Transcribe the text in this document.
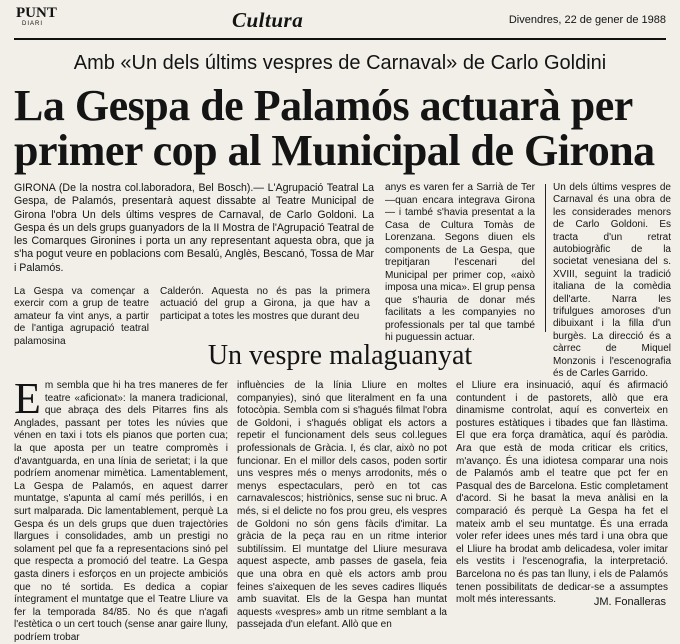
PUNT
DIARI	Cultura	Divendres, 22 de gener de 1988
Amb «Un dels últims vespres de Carnaval» de Carlo Goldini
La Gespa de Palamós actuarà per primer cop al Municipal de Girona
GIRONA (De la nostra col.laboradora, Bel Bosch).— L'Agrupació Teatral La Gespa, de Palamós, presentarà aquest dissabte al Teatre Municipal de Girona l'obra Un dels últims vespres de Carnaval, de Carlo Goldoni. La Gespa és un dels grups guanyadors de la II Mostra de l'Agrupació Teatral de les Comarques Gironines i porta un any representant aquesta obra, que ja s'ha pogut veure en poblacions com Besalú, Anglès, Bescanó, Tossa de Mar i Palamós.
La Gespa va començar a exercir com a grup de teatre amateur fa vint anys, a partir de l'antiga agrupació teatral palamosina
Calderón. Aquesta no és pas la primera actuació del grup a Girona, ja que hav a participat a totes les mostres que durant deu
anys es varen fer a Sarrià de Ter —quan encara integrava Girona— i també s'havia presentat a la Casa de Cultura Tomàs de Lorenzana. Segons diuen els components de La Gespa, que trepitjaran l'escenari del Municipal per primer cop, «això imposa una mica». El grup pensa que s'hauria de donar més facilitats a les companyies no professionals per tal que també hi puguessin actuar.
Un dels últims vespres de Carnaval és una obra de les considerades menors de Carlo Goldoni. Es tracta d'un retrat autobiogràfic de la societat venesiana del s. XVIII, seguint la tradició italiana de la comèdia dell'arte. Narra les trifulgues amoroses d'un dibuixant i la filla d'un burgès. La direcció és a càrrec de Miquel Monzonis i l'escenografia és de Carles Garrido.
Un vespre malaguanyat
Em sembla que hi ha tres maneres de fer teatre «aficionat»: la manera tradicional, que abraça des dels Pitarres fins als Anglades, passant per totes les núvies que vénen en taxi i tots els pianos que porten cua; la que aposta per un teatre compromès i d'avantguarda, en una línia de serietat; i la que podríem anomenar mimètica. Lamentablement, La Gespa de Palamós, en aquest darrer muntatge, s'apunta al camí més perillós, i en surt malparada. Dic lamentablement, perquè La Gespa és un dels grups que duen trajectòries llargues i consolidades, amb un prestigi no solament pel que fa a representacions sinó pel que respecta a promoció del teatre. La Gespa gasta diners i esforços en un projecte ambiciós que no té sortida. Es dedica a copiar íntegrament el muntatge que el Teatre Lliure va fer la temporada 84/85. No és que n'agafi l'estètica o un cert touch (sense anar gaire lluny, podríem trobar
influències de la línia Lliure en moltes companyies), sinó que literalment en fa una fotocòpia. Sembla com si s'hagués filmat l'obra de Goldoni, i s'hagués obligat els actors a repetir el funcionament dels seus col.legues professionals de Gràcia. I, és clar, això no pot funcionar. En el millor dels casos, poden sortir uns vespres més o menys arrodonits, més o menys espectaculars, però en tot cas carnavalescos; histriònics, sense suc ni bruc. A més, si el delicte no fos prou greu, els vespres de Goldoni no són gens fàcils d'imitar. La gràcia de la peça rau en un ritme interior subtilíssim. El muntatge del Lliure mesurava aquest aspecte, amb passes de gasela, feia que una obra en què els actors amb prou feines s'aixequen de les seves cadires lliqués amb suavitat. Els de la Gespa han muntat aquests «vespres» amb un ritme semblant a la passejada d'un elefant. Allò que en
el Lliure era insinuació, aquí és afirmació contundent i de pastorets, allò que era dinamisme controlat, aquí es converteix en postures estàtiques i tibades que fan llàstima. El que era força dramàtica, aquí és paròdia. Ara que està de moda criticar els critics, m'avanço. És una idiotesa comparar una nois de Palamós amb el teatre que pct fer en Pasqual des de Barcelona. Estic completament d'acord. Si he basat la meva anàlisi en la comparació és perquè La Gespa ha fet el mateix amb el seu muntatge. És una errada voler refer idees unes més tard i una obra que el Lliure ha brodat amb delicadesa, voler imitar els vestits i l'escenografia, la interpretació. Barcelona no és pas tan lluny, i els de Palamós tenen possibilitats de dedicar-se a assumptes molt més interessants.	JM. Fonalleras
